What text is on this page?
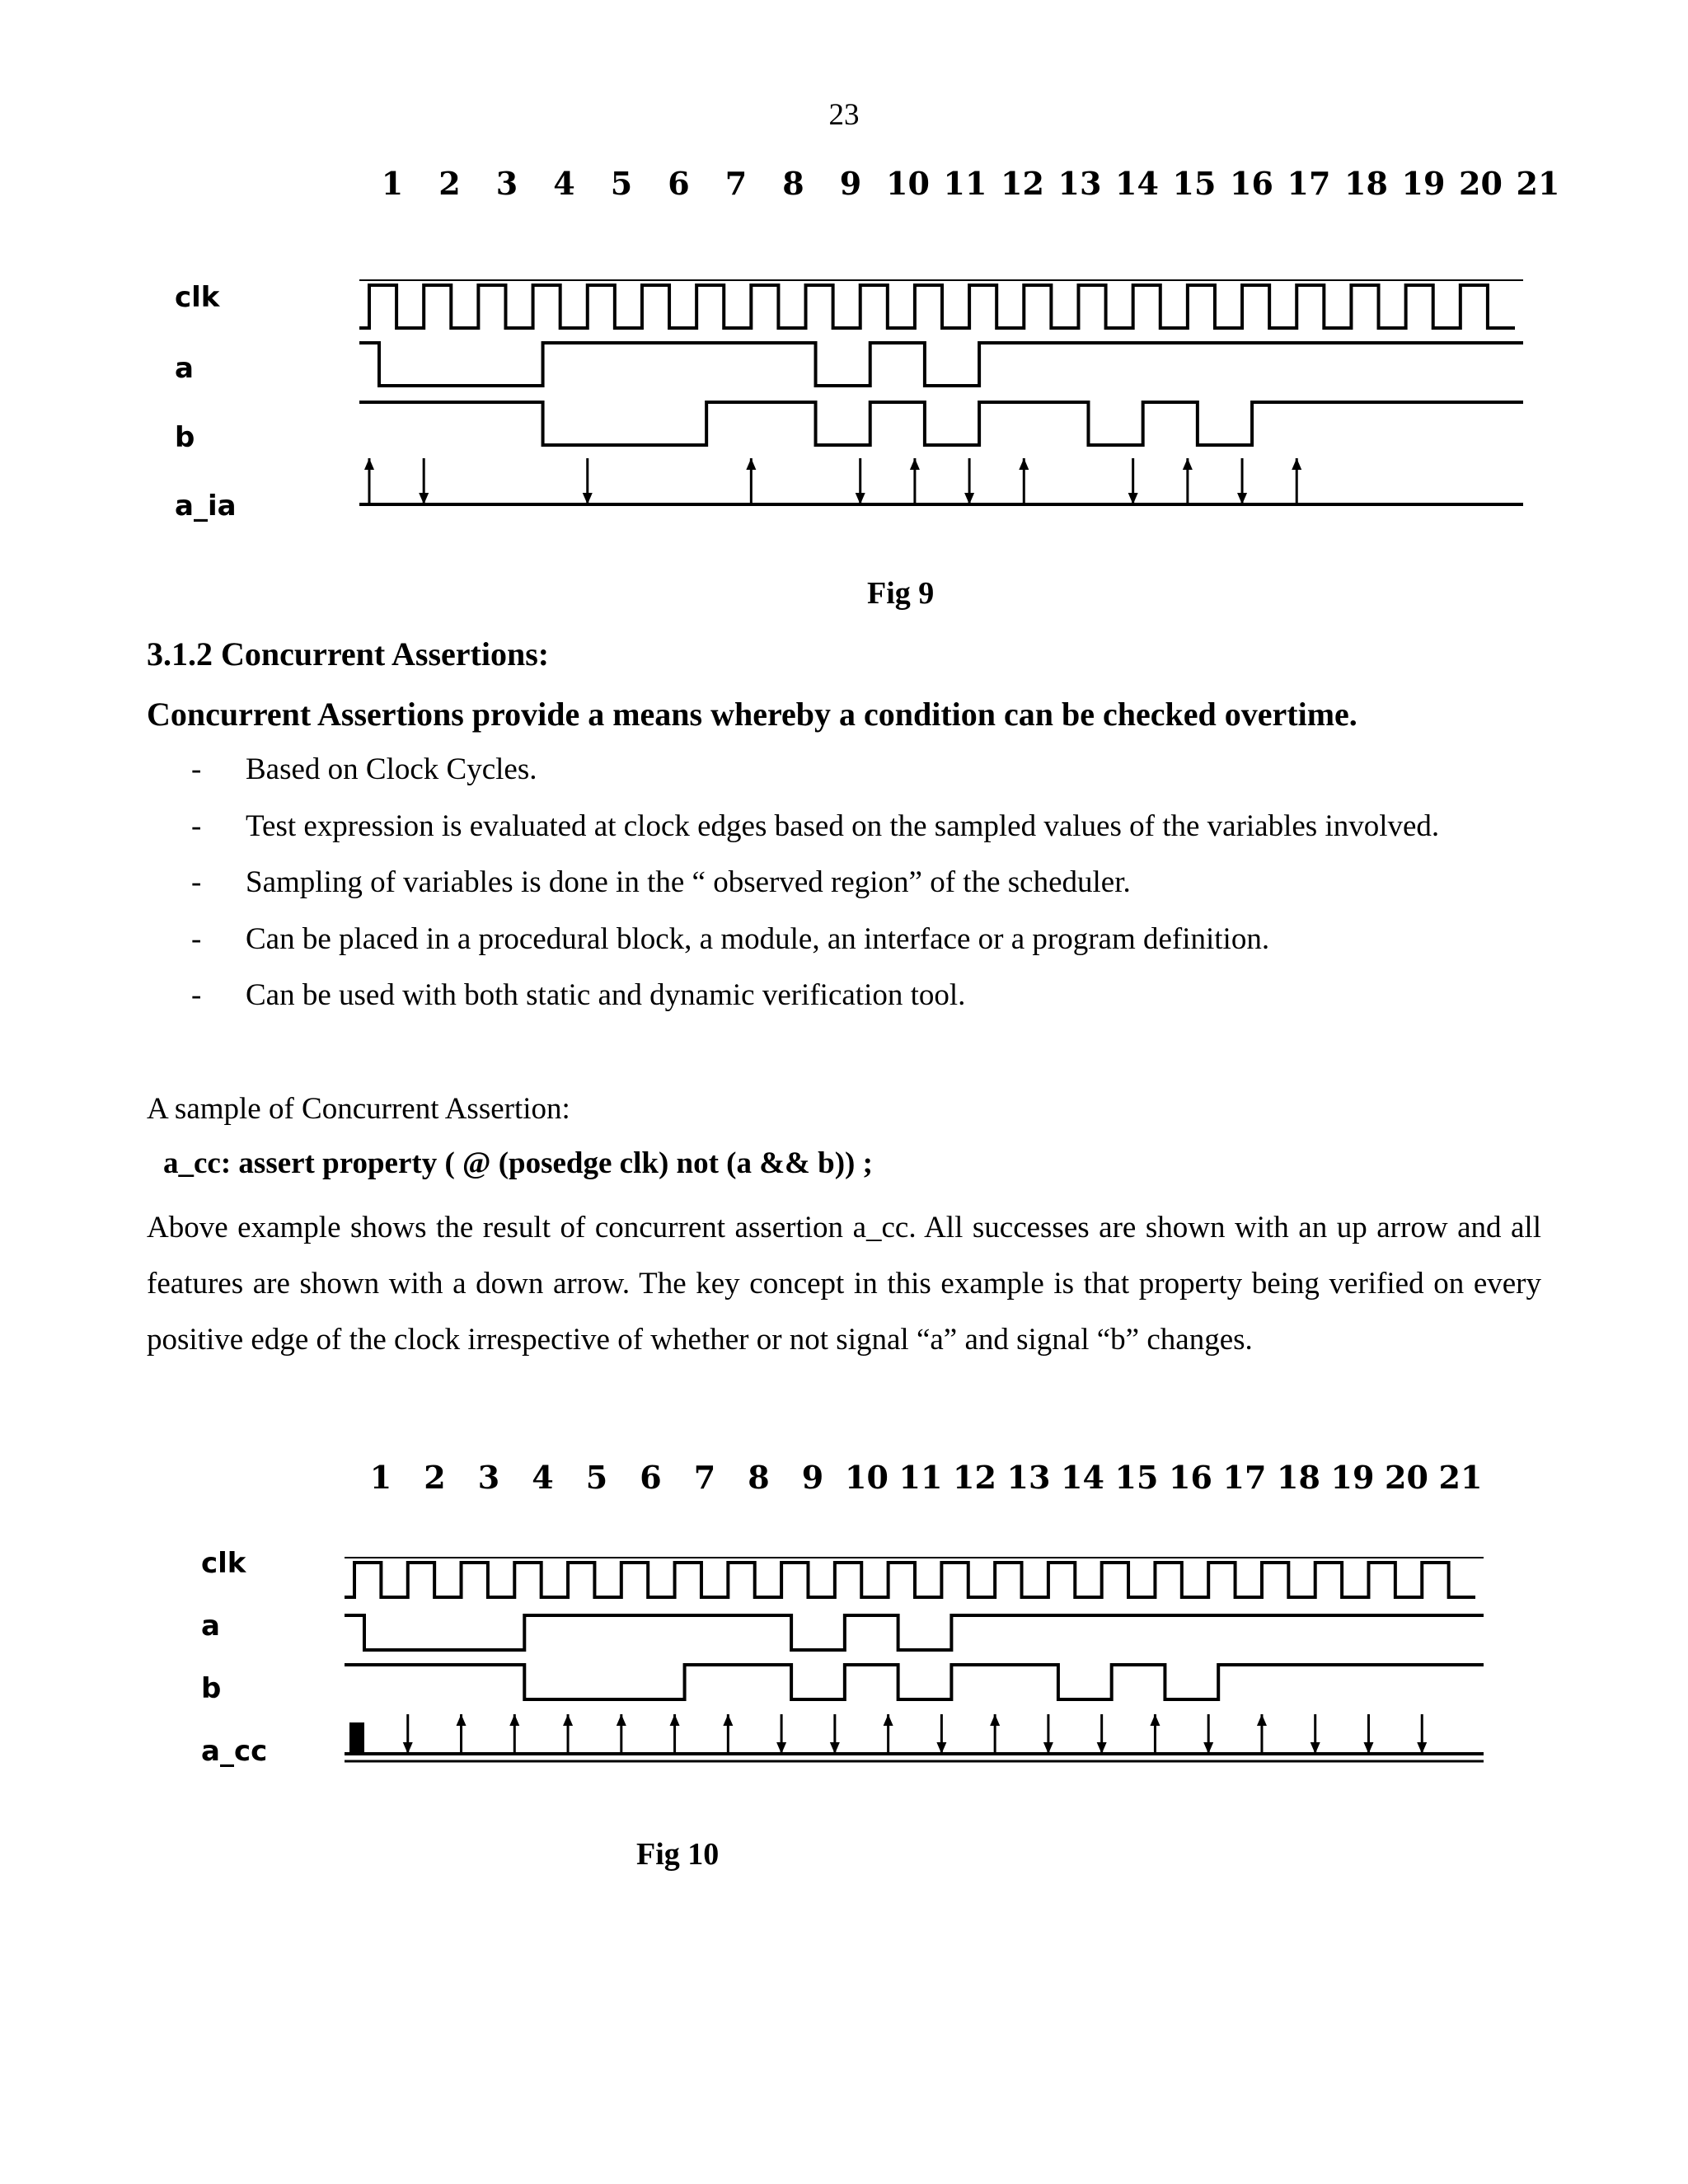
23
1 2 3 4 5 6 7 8 9 10 11 12 13 14 15 16 17 18 19 20 21
clk
a
b
a_ia
Fig 9
3.1.2 Concurrent Assertions:
Concurrent Assertions provide a means whereby a condition can be checked overtime.
- Based on Clock Cycles.
- Test expression is evaluated at clock edges based on the sampled values of the variables involved.
- Sampling of variables is done in the “ observed region” of the scheduler.
- Can be placed in a procedural block, a module, an interface or a program definition.
- Can be used with both static and dynamic verification tool.
A sample of Concurrent Assertion:
a_cc: assert property ( @ (posedge clk) not (a && b)) ;

Above example shows the result of concurrent assertion a_cc. All successes are shown with an up arrow and all features are shown with a down arrow. The key concept in this example is that property being verified on every positive edge of the clock irrespective of whether or not signal “a” and signal “b” changes.

1 2 3 4 5 6 7 8 9 10 11 12 13 14 15 16 17 18 19 20 21
clk
a
b
a_cc
Fig 10
